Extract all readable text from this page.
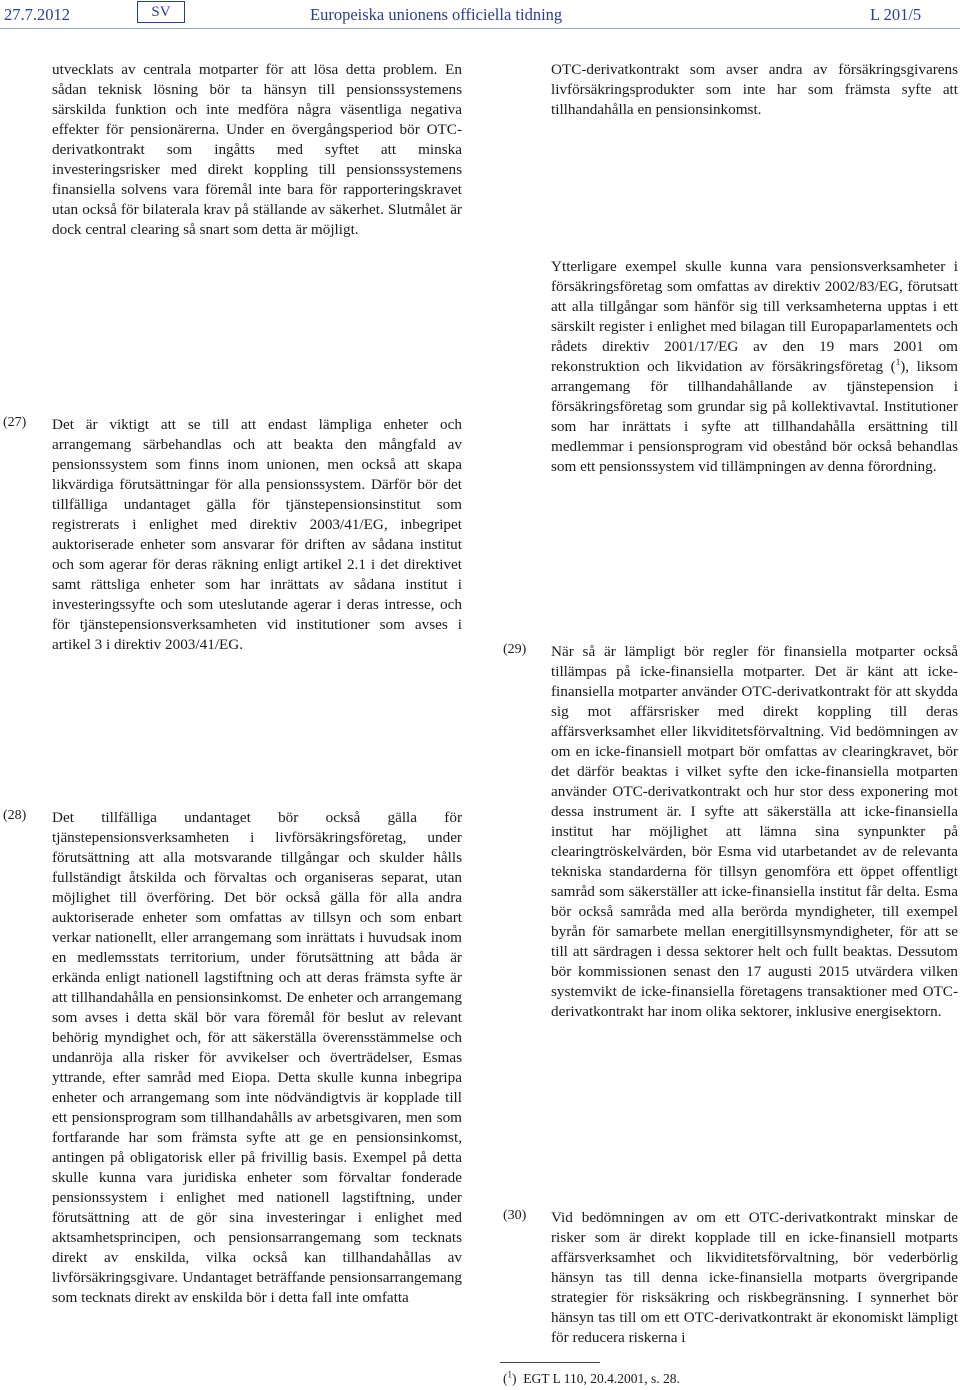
27.7.2012	SV	Europeiska unionens officiella tidning	L 201/5

utvecklats av centrala motparter för att lösa detta problem. En sådan teknisk lösning bör ta hänsyn till pensionssystemens särskilda funktion och inte medföra några väsentliga negativa effekter för pensionärerna. Under en övergångsperiod bör OTC-derivatkontrakt som ingåtts med syftet att minska investeringsrisker med direkt koppling till pensionssystemens finansiella solvens vara föremål inte bara för rapporteringskravet utan också för bilaterala krav på ställande av säkerhet. Slutmålet är dock central clearing så snart som detta är möjligt.

(27) Det är viktigt att se till att endast lämpliga enheter och arrangemang särbehandlas och att beakta den mångfald av pensionssystem som finns inom unionen, men också att skapa likvärdiga förutsättningar för alla pensionssystem. Därför bör det tillfälliga undantaget gälla för tjänstepensionsinstitut som registrerats i enlighet med direktiv 2003/41/EG, inbegripet auktoriserade enheter som ansvarar för driften av sådana institut och som agerar för deras räkning enligt artikel 2.1 i det direktivet samt rättsliga enheter som har inrättats av sådana institut i investeringssyfte och som uteslutande agerar i deras intresse, och för tjänstepensionsverksamheten vid institutioner som avses i artikel 3 i direktiv 2003/41/EG.

(28) Det tillfälliga undantaget bör också gälla för tjänstepensionsverksamheten i livförsäkringsföretag, under förutsättning att alla motsvarande tillgångar och skulder hålls fullständigt åtskilda och förvaltas och organiseras separat, utan möjlighet till överföring. Det bör också gälla för alla andra auktoriserade enheter som omfattas av tillsyn och som enbart verkar nationellt, eller arrangemang som inrättats i huvudsak inom en medlemsstats territorium, under förutsättning att båda är erkända enligt nationell lagstiftning och att deras främsta syfte är att tillhandahålla en pensionsinkomst. De enheter och arrangemang som avses i detta skäl bör vara föremål för beslut av relevant behörig myndighet och, för att säkerställa överensstämmelse och undanröja alla risker för avvikelser och överträdelser, Esmas yttrande, efter samråd med Eiopa. Detta skulle kunna inbegripa enheter och arrangemang som inte nödvändigtvis är kopplade till ett pensionsprogram som tillhandahålls av arbetsgivaren, men som fortfarande har som främsta syfte att ge en pensionsinkomst, antingen på obligatorisk eller på frivillig basis. Exempel på detta skulle kunna vara juridiska enheter som förvaltar fonderade pensionssystem i enlighet med nationell lagstiftning, under förutsättning att de gör sina investeringar i enlighet med aktsamhetsprincipen, och pensionsarrangemang som tecknats direkt av enskilda, vilka också kan tillhandahållas av livförsäkringsgivare. Undantaget beträffande pensionsarrangemang som tecknats direkt av enskilda bör i detta fall inte omfatta

OTC-derivatkontrakt som avser andra av försäkringsgivarens livförsäkringsprodukter som inte har som främsta syfte att tillhandahålla en pensionsinkomst.

Ytterligare exempel skulle kunna vara pensionsverksamheter i försäkringsföretag som omfattas av direktiv 2002/83/EG, förutsatt att alla tillgångar som hänför sig till verksamheterna upptas i ett särskilt register i enlighet med bilagan till Europaparlamentets och rådets direktiv 2001/17/EG av den 19 mars 2001 om rekonstruktion och likvidation av försäkringsföretag ($^1$), liksom arrangemang för tillhandahållande av tjänstepension i försäkringsföretag som grundar sig på kollektivavtal. Institutioner som har inrättats i syfte att tillhandahålla ersättning till medlemmar i pensionsprogram vid obestånd bör också behandlas som ett pensionssystem vid tillämpningen av denna förordning.

(29) När så är lämpligt bör regler för finansiella motparter också tillämpas på icke-finansiella motparter. Det är känt att icke-finansiella motparter använder OTC-derivatkontrakt för att skydda sig mot affärsrisker med direkt koppling till deras affärsverksamhet eller likviditetsförvaltning. Vid bedömningen av om en icke-finansiell motpart bör omfattas av clearingkravet, bör det därför beaktas i vilket syfte den icke-finansiella motparten använder OTC-derivatkontrakt och hur stor dess exponering mot dessa instrument är. I syfte att säkerställa att icke-finansiella institut har möjlighet att lämna sina synpunkter på clearingtröskelvärden, bör Esma vid utarbetandet av de relevanta tekniska standarderna för tillsyn genomföra ett öppet offentligt samråd som säkerställer att icke-finansiella institut får delta. Esma bör också samråda med alla berörda myndigheter, till exempel byrån för samarbete mellan energitillsynsmyndigheter, för att se till att särdragen i dessa sektorer helt och fullt beaktas. Dessutom bör kommissionen senast den 17 augusti 2015 utvärdera vilken systemvikt de icke-finansiella företagens transaktioner med OTC-derivatkontrakt har inom olika sektorer, inklusive energisektorn.

(30) Vid bedömningen av om ett OTC-derivatkontrakt minskar de risker som är direkt kopplade till en icke-finansiell motparts affärsverksamhet och likviditetsförvaltning, bör vederbörlig hänsyn tas till denna icke-finansiella motparts övergripande strategier för risksäkring och riskbegränsning. I synnerhet bör hänsyn tas till om ett OTC-derivatkontrakt är ekonomiskt lämpligt för reducera riskerna i

($^1$) EGT L 110, 20.4.2001, s. 28.
